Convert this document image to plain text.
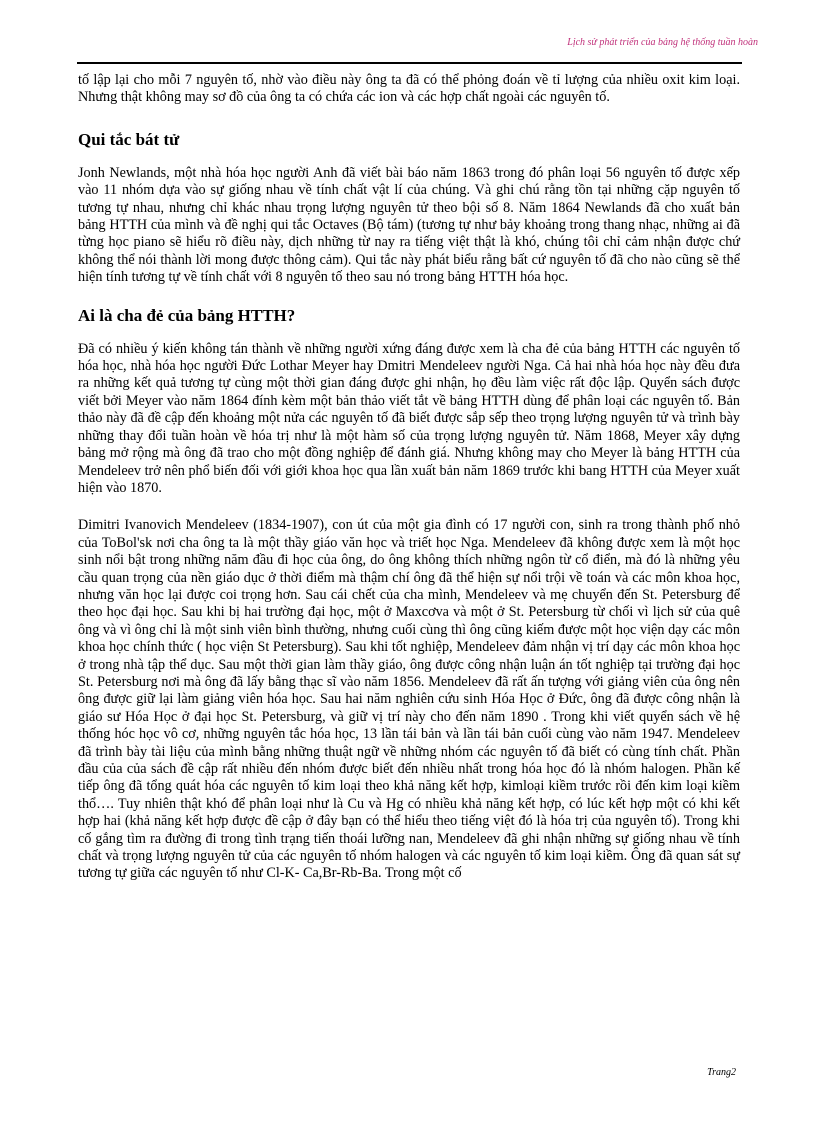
Lịch sử phát triển của bảng hệ thống tuần hoàn

tố lập lại cho mỗi 7 nguyên tố, nhờ vào điều này ông ta đã có thể phỏng đoán về tỉ lượng của nhiều oxit kim loại. Nhưng thật không may sơ đồ của ông ta có chứa các ion và các hợp chất ngoài các nguyên tố.

Qui tắc bát tử

Jonh Newlands, một nhà hóa học người Anh đã viết bài báo năm 1863 trong đó phân loại 56 nguyên tố được xếp vào 11 nhóm dựa vào sự giống nhau về tính chất vật lí của chúng. Và ghi chú rằng tồn tại những cặp nguyên tố tương tự nhau, nhưng chỉ khác nhau trọng lượng nguyên tử theo bội số 8. Năm 1864 Newlands đã cho xuất bản bảng HTTH của mình và đề nghị qui tắc Octaves (Bộ tám) (tương tự như bảy khoảng trong thang nhạc, những ai đã từng học piano sẽ hiểu rõ điều này, dịch những từ nay ra tiếng việt thật là khó, chúng tôi chỉ cảm nhận được chứ không thể nói thành lời mong được thông cảm). Qui tắc này phát biểu rằng bất cứ nguyên tố đã cho nào cũng sẽ thể hiện tính tương tự về tính chất với 8 nguyên tố theo sau nó trong bảng HTTH hóa học.

Ai là cha đẻ của bảng HTTH?

Đã có nhiều ý kiến không tán thành về những người xứng đáng được xem là cha đẻ của bảng HTTH các nguyên tố hóa học, nhà hóa học người Đức Lothar Meyer hay Dmitri Mendeleev người Nga. Cả hai nhà hóa học này đều đưa ra những kết quả tương tự cùng một thời gian đáng được ghi nhận, họ đều làm việc rất độc lập. Quyển sách được viết bởi Meyer vào năm 1864 đính kèm một bản thảo viết tắt về bảng HTTH dùng để phân loại các nguyên tố. Bản thảo này đã đề cập đến khoảng một nửa các nguyên tố đã biết được sắp sếp theo trọng lượng nguyên tử và trình bày những thay đổi tuần hoàn về hóa trị như là một hàm số của trọng lượng nguyên tử. Năm 1868, Meyer xây dựng bảng mở rộng mà ông đã trao cho một đồng nghiệp để đánh giá. Nhưng không may cho Meyer là bảng HTTH của Mendeleev trở nên phổ biến đối với giới khoa học qua lần xuất bản năm 1869 trước khi bang HTTH của Meyer xuất hiện vào 1870.

Dimitri Ivanovich Mendeleev (1834-1907), con út của một gia đình có 17 người con, sinh ra trong thành phố nhỏ của ToBol'sk nơi cha ông ta là một thầy giáo văn học và triết học Nga. Mendeleev đã không được xem là một học sinh nổi bật trong những năm đầu đi học của ông, do ông không thích những ngôn từ cổ điển, mà đó là những yêu cầu quan trọng của nền giáo dục ở thời điểm mà thậm chí ông đã thể hiện sự nổi trội về toán và các môn khoa học, nhưng văn học lại được coi trọng hơn. Sau cái chết của cha mình, Mendeleev và mẹ chuyển đến St. Petersburg để theo học đại học. Sau khi bị hai trường đại học, một ở Maxcơva và một ở St. Petersburg từ chối vì lịch sử của quê ông và vì ông chỉ là một sinh viên bình thường, nhưng cuối cùng thì ông cũng kiếm được một học viện dạy các môn khoa học chính thức ( học viện St Petersburg). Sau khi tốt nghiệp, Mendeleev đảm nhận vị trí dạy các môn khoa học ở trong nhà tập thể dục. Sau một thời gian làm thầy giáo, ông được công nhận luận án tốt nghiệp tại trường đại học St. Petersburg nơi mà ông đã lấy bằng thạc sĩ vào năm 1856. Mendeleev đã rất ấn tượng với giảng viên của ông nên ông được giữ lại làm giảng viên hóa học. Sau hai năm nghiên cứu sinh Hóa Học ở Đức, ông đã được công nhận là giáo sư Hóa Học ở đại học St. Petersburg, và giữ vị trí này cho đến năm 1890 . Trong khi viết quyển sách về hệ thống hóc học vô cơ, những nguyên tắc hóa học, 13 lần tái bản và lần tái bản cuối cùng vào năm 1947. Mendeleev đã trình bày tài liệu của mình bằng những thuật ngữ về những nhóm các nguyên tố đã biết có cùng tính chất. Phần đầu của của sách đề cập rất nhiều đến nhóm được biết đến nhiều nhất trong hóa học đó là nhóm halogen. Phần kế tiếp ông đã tổng quát hóa các nguyên tố kim loại theo khả năng kết hợp, kimloại kiềm trước rồi đến kim loại kiềm thổ…. Tuy nhiên thật khó để phân loại như là Cu và Hg có nhiều khả năng kết hợp, có lúc kết hợp một có khi kết hợp hai (khả năng kết hợp được đề cập ở đây bạn có thể hiểu theo tiếng việt đó là hóa trị của nguyên tố). Trong khi cố gắng tìm ra đường đi trong tình trạng tiến thoái lưỡng nan, Mendeleev đã ghi nhận những sự giống nhau về tính chất và trọng lượng nguyên tử của các nguyên tố nhóm halogen và các nguyên tố kim loại kiềm. Ông đã quan sát sự tương tự giữa các nguyên tố như Cl-K- Ca,Br-Rb-Ba. Trong một cố

Trang2
